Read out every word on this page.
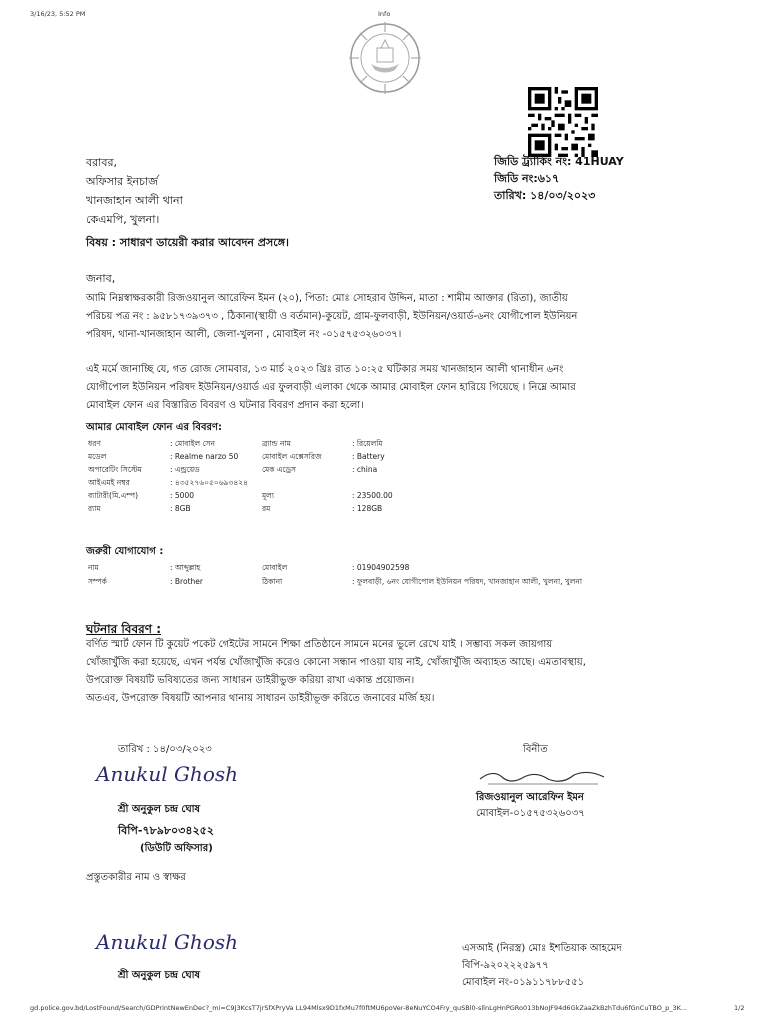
3/16/23, 5:52 PM	Info
বরাবর,
অফিসার ইনচার্জ
খানজাহান আলী থানা
কেএমপি, খুলনা।
জিডি ট্র্যাকিং নং: 41HUAY
জিডি নং:৬১৭
তারিখ: ১৪/০৩/২০২৩
বিষয় : সাধারণ ডায়েরী করার আবেদন প্রসঙ্গে।
জনাব,
আমি নিম্নস্বাক্ষরকারী রিজওয়ানুল আরেফিন ইমন (২০), পিতা: মোঃ সোহরাব উদ্দিন, মাতা : শামীম আক্তার (রিতা), জাতীয়
পরিচয় পত্র নং : ৯৫৮১৭৩৯৩৭৩ , ঠিকানা(স্থায়ী ও বর্তমান)-কুয়েট, গ্রাম-ফুলবাড়ী, ইউনিয়ন/ওয়ার্ড-৬নং যোগীপোল ইউনিয়ন
পরিষদ, থানা-খানজাহান আলী, জেলা-খুলনা , মোবাইল নং -০১৫৭৫৩২৬০৩৭।
এই মর্মে জানাচ্ছি যে, গত রোজ সোমবার, ১৩ মার্চ ২০২৩ খ্রিঃ রাত ১০:২৫ ঘটিকার সময় খানজাহান আলী থানাধীন ৬নং
যোগীপোল ইউনিয়ন পরিষদ ইউনিয়ন/ওয়ার্ড এর ফুলবাড়ী এলাকা থেকে আমার মোবাইল ফোন হারিয়ে গিয়েছে । নিম্নে আমার
মোবাইল ফোন এর বিস্তারিত বিবরণ ও ঘটনার বিবরণ প্রদান করা হলো।
আমার মোবাইল ফোন এর বিবরণ:
ধরণ	: মোবাইল সেন	ব্র্যান্ড নাম	: রিয়েলমি
মডেল	: Realme narzo 50	মোবাইল এক্সেসরিজ	: Battery
অপারেটিং সিস্টেম	: এন্ড্রয়েড	মেক এড্রেস	: china
আইএমই নম্বর	: ৪৩৫২৭৬০৫০৬৯৩৪২৪
ব্যাটারী(মি.এম্প)	: 5000	মূল্য	: 23500.00
র‍্যাম	: 8GB	রম	: 128GB
জরুরী যোগাযোগ :
নাম	: আব্দুল্লাহ	মোবাইল	: 01904902598
সম্পর্ক	: Brother	ঠিকানা	: ফুলবাড়ী, ৬নং যোগীপোল ইউনিয়ন পরিষদ, খানজাহান আলী, খুলনা, খুলনা
ঘটনার বিবরণ :
বর্ণিত স্মার্ট ফোন টি কুয়েট পকেট গেইটের সামনে শিক্ষা প্রতিষ্ঠানে সামনে মনের ভুলে রেখে যাই । সম্ভাব্য সকল জায়গায়
খোঁজাখুঁজি করা হয়েছে, এখন পর্যন্ত খোঁজাখুঁজি করেও কোনো সন্ধান পাওয়া যায় নাই, খোঁজাখুঁজি অব্যাহত আছে। এমতাবস্থায়,
উপরোক্ত বিষয়টি ভবিষ্যতের জন্য সাধারন ডাইরীভুক্ত করিয়া রাখা একান্ত প্রয়োজন।
অতএব, উপরোক্ত বিষয়টি আপনার থানায় সাধারন ডাইরীভূক্ত করিতে জনাবের মর্জি হয়।
তারিখ : ১৪/০৩/২০২৩
Anukul Ghosh
শ্রী অনুকুল চন্দ্র ঘোষ
বিপি-৭৮৯৮০৩৪২৫২
(ডিউটি অফিসার)
প্রস্তুতকারীর নাম ও স্বাক্ষর
বিনীত
রিজওয়ানুল আরেফিন ইমন
মোবাইল-০১৫৭৫৩২৬০৩৭
Anukul Ghosh
শ্রী অনুকুল চন্দ্র ঘোষ
এসআই (নিরস্ত্র) মোঃ ইশতিয়াক আহমেদ
বিপি-৯২০২২২৫৯৭৭
মোবাইল নং-০১৯১১৭৮৮৫৫১
gd.police.gov.bd/LostFound/Search/GDPrintNewEnDec?_mi=C9J3KcsT7jrSfXPryVa LL94Mlsx9D1fxMu7f0ftMU6poVer-8eNuYCO4Fry_quSBl0-sllnLgHnPGRo013bNoJF94d6GkZaaZkBzhTdu6fGnCuTBO_p_3K...	1/2
